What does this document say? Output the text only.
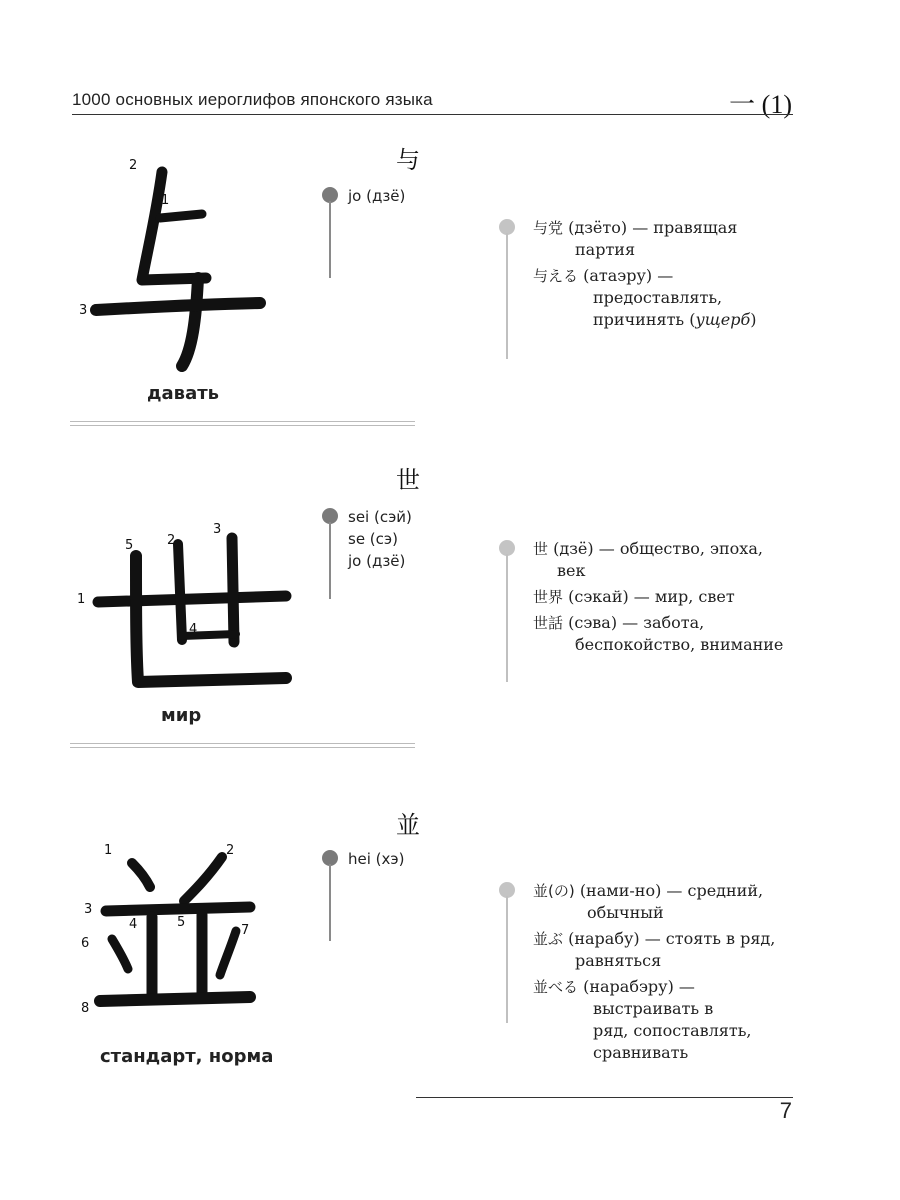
1000 основных иероглифов японского языка	一 (1)
与
1
2
3
давать
jo (дзё)
与党 (дзёто) — правящая
партия
与える (атаэру) —
предоставлять,
причинять (ущерб)
世
1
2
3
4
5
мир
sei (сэй)
se (сэ)
jo (дзё)
世 (дзё) — общество, эпоха,
век
世界 (сэкай) — мир, свет
世話 (сэва) — забота,
беспокойство, внимание
並
1	2
3
4	5
6
7
8
стандарт, норма
hei (хэ)
並(の) (нами-но) — средний,
обычный
並ぶ (нарабу) — стоять в ряд,
равняться
並べる (нарабэру) —
выстраивать в
ряд, сопоставлять,
сравнивать
7
